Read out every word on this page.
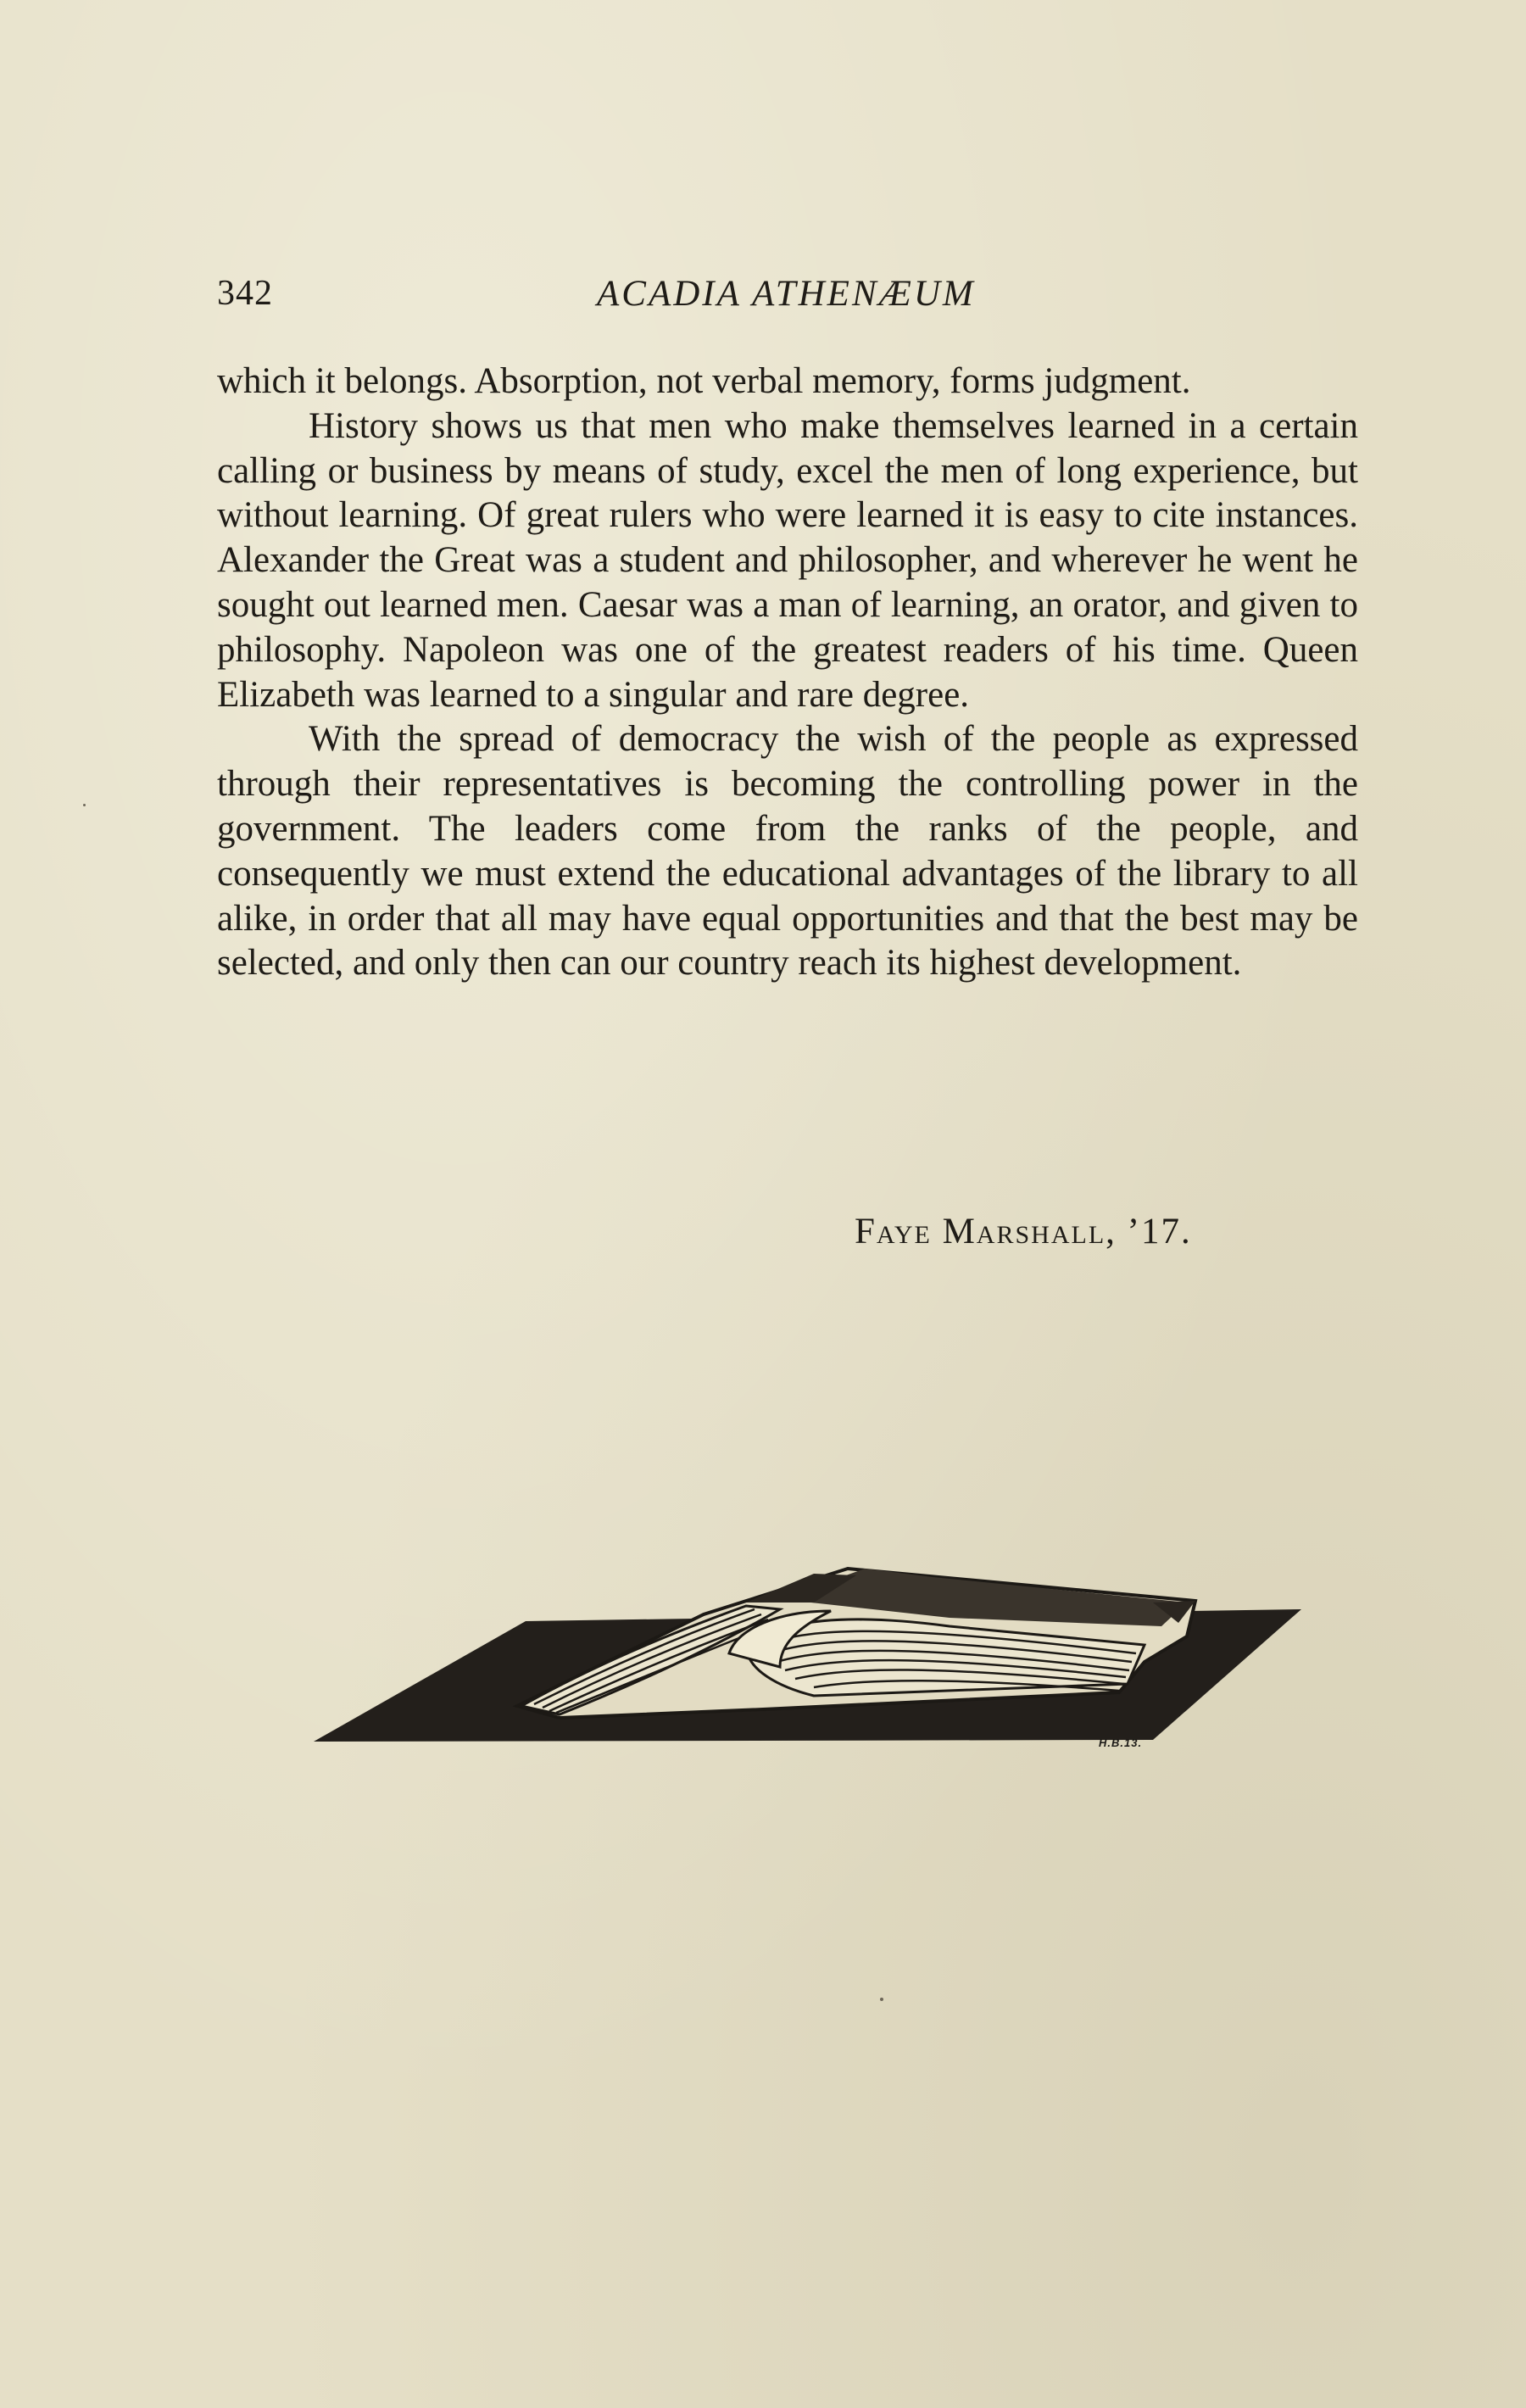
342	ACADIA ATHENÆUM

which it belongs. Absorption, not verbal memory, forms judgment.

History shows us that men who make themselves learned in a certain calling or business by means of study, excel the men of long experience, but without learning. Of great rulers who were learned it is easy to cite instances. Alexander the Great was a student and philosopher, and wherever he went he sought out learned men. Caesar was a man of learning, an orator, and given to philosophy. Napoleon was one of the greatest readers of his time. Queen Elizabeth was learned to a singular and rare degree.

With the spread of democracy the wish of the people as expressed through their representatives is becoming the controlling power in the government. The leaders come from the ranks of the people, and consequently we must extend the educational advantages of the library to all alike, in order that all may have equal opportunities and that the best may be selected, and only then can our country reach its highest development.

Faye Marshall, ’17.
H.B.13.
